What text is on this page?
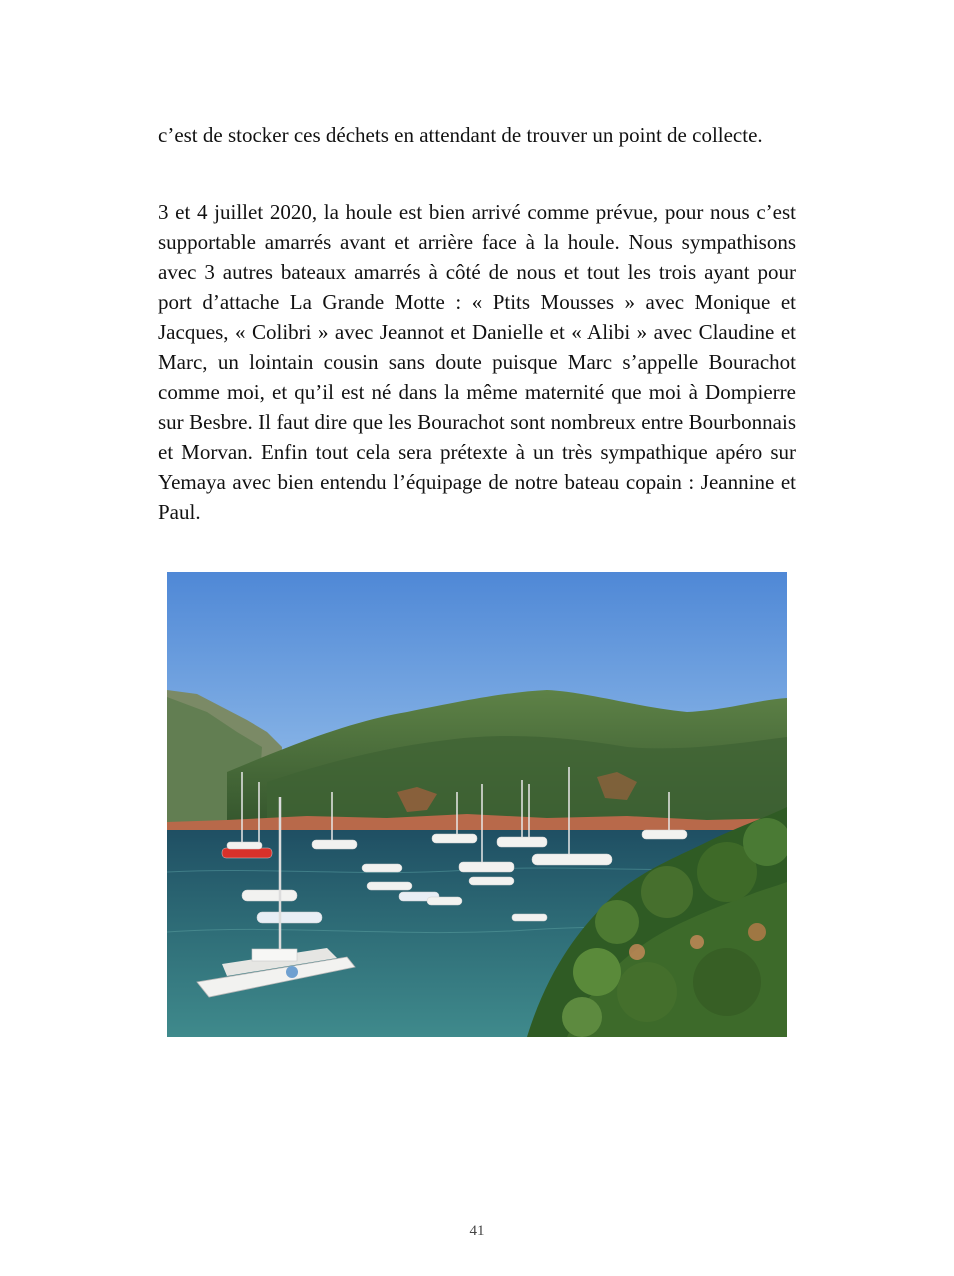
c’est de stocker ces déchets en attendant de trouver un point de collecte.

3 et 4 juillet 2020, la houle est bien arrivé comme prévue, pour nous c’est supportable amarrés avant et arrière face à la houle. Nous sympathisons avec 3 autres bateaux amarrés à côté de nous et tout les trois ayant pour port d’attache La Grande Motte : « Ptits Mousses » avec Monique et Jacques, « Colibri » avec Jeannot et Danielle et « Alibi » avec Claudine et Marc, un lointain cousin sans doute puisque Marc s’appelle Bourachot comme moi, et qu’il est né dans la même maternité que moi à Dompierre sur Besbre. Il faut dire que les Bourachot sont nombreux entre Bourbonnais et Morvan. Enfin tout cela sera prétexte à un très sympathique apéro sur Yemaya avec bien entendu l’équipage de notre bateau copain : Jeannine et Paul.

41
